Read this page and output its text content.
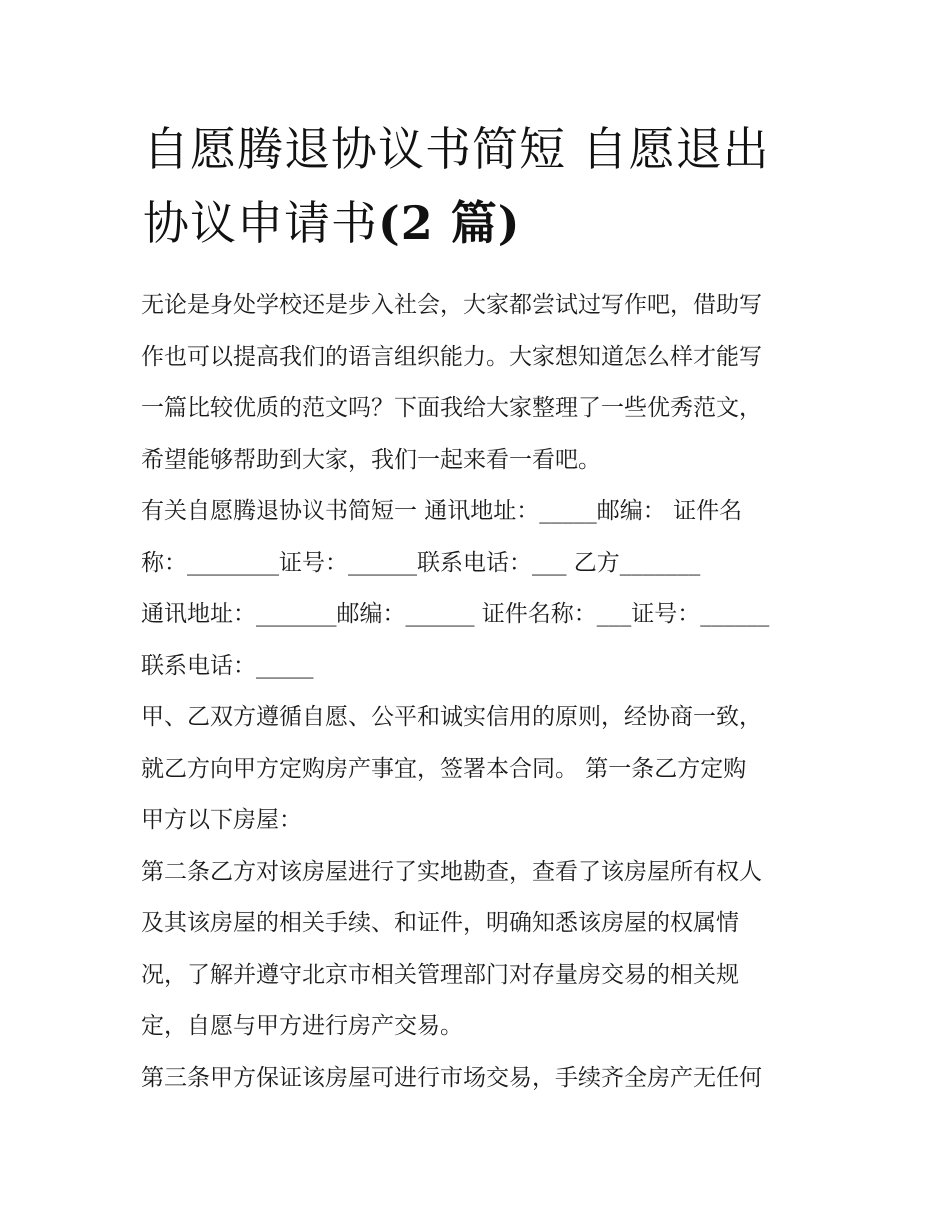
自愿腾退协议书简短 自愿退出
协议申请书(2 篇)

无论是身处学校还是步入社会，大家都尝试过写作吧，借助写
作也可以提高我们的语言组织能力。大家想知道怎么样才能写
一篇比较优质的范文吗？下面我给大家整理了一些优秀范文，
希望能够帮助到大家，我们一起来看一看吧。

有关自愿腾退协议书简短一 通讯地址：_____邮编： 证件名
称：________证号：______联系电话：___ 乙方_______
通讯地址：_______邮编：______ 证件名称：___证号：______
联系电话：_____

甲、乙双方遵循自愿、公平和诚实信用的原则，经协商一致，
就乙方向甲方定购房产事宜，签署本合同。 第一条乙方定购
甲方以下房屋：

第二条乙方对该房屋进行了实地勘查，查看了该房屋所有权人
及其该房屋的相关手续、和证件，明确知悉该房屋的权属情
况，了解并遵守北京市相关管理部门对存量房交易的相关规
定，自愿与甲方进行房产交易。

第三条甲方保证该房屋可进行市场交易，手续齐全房产无任何
